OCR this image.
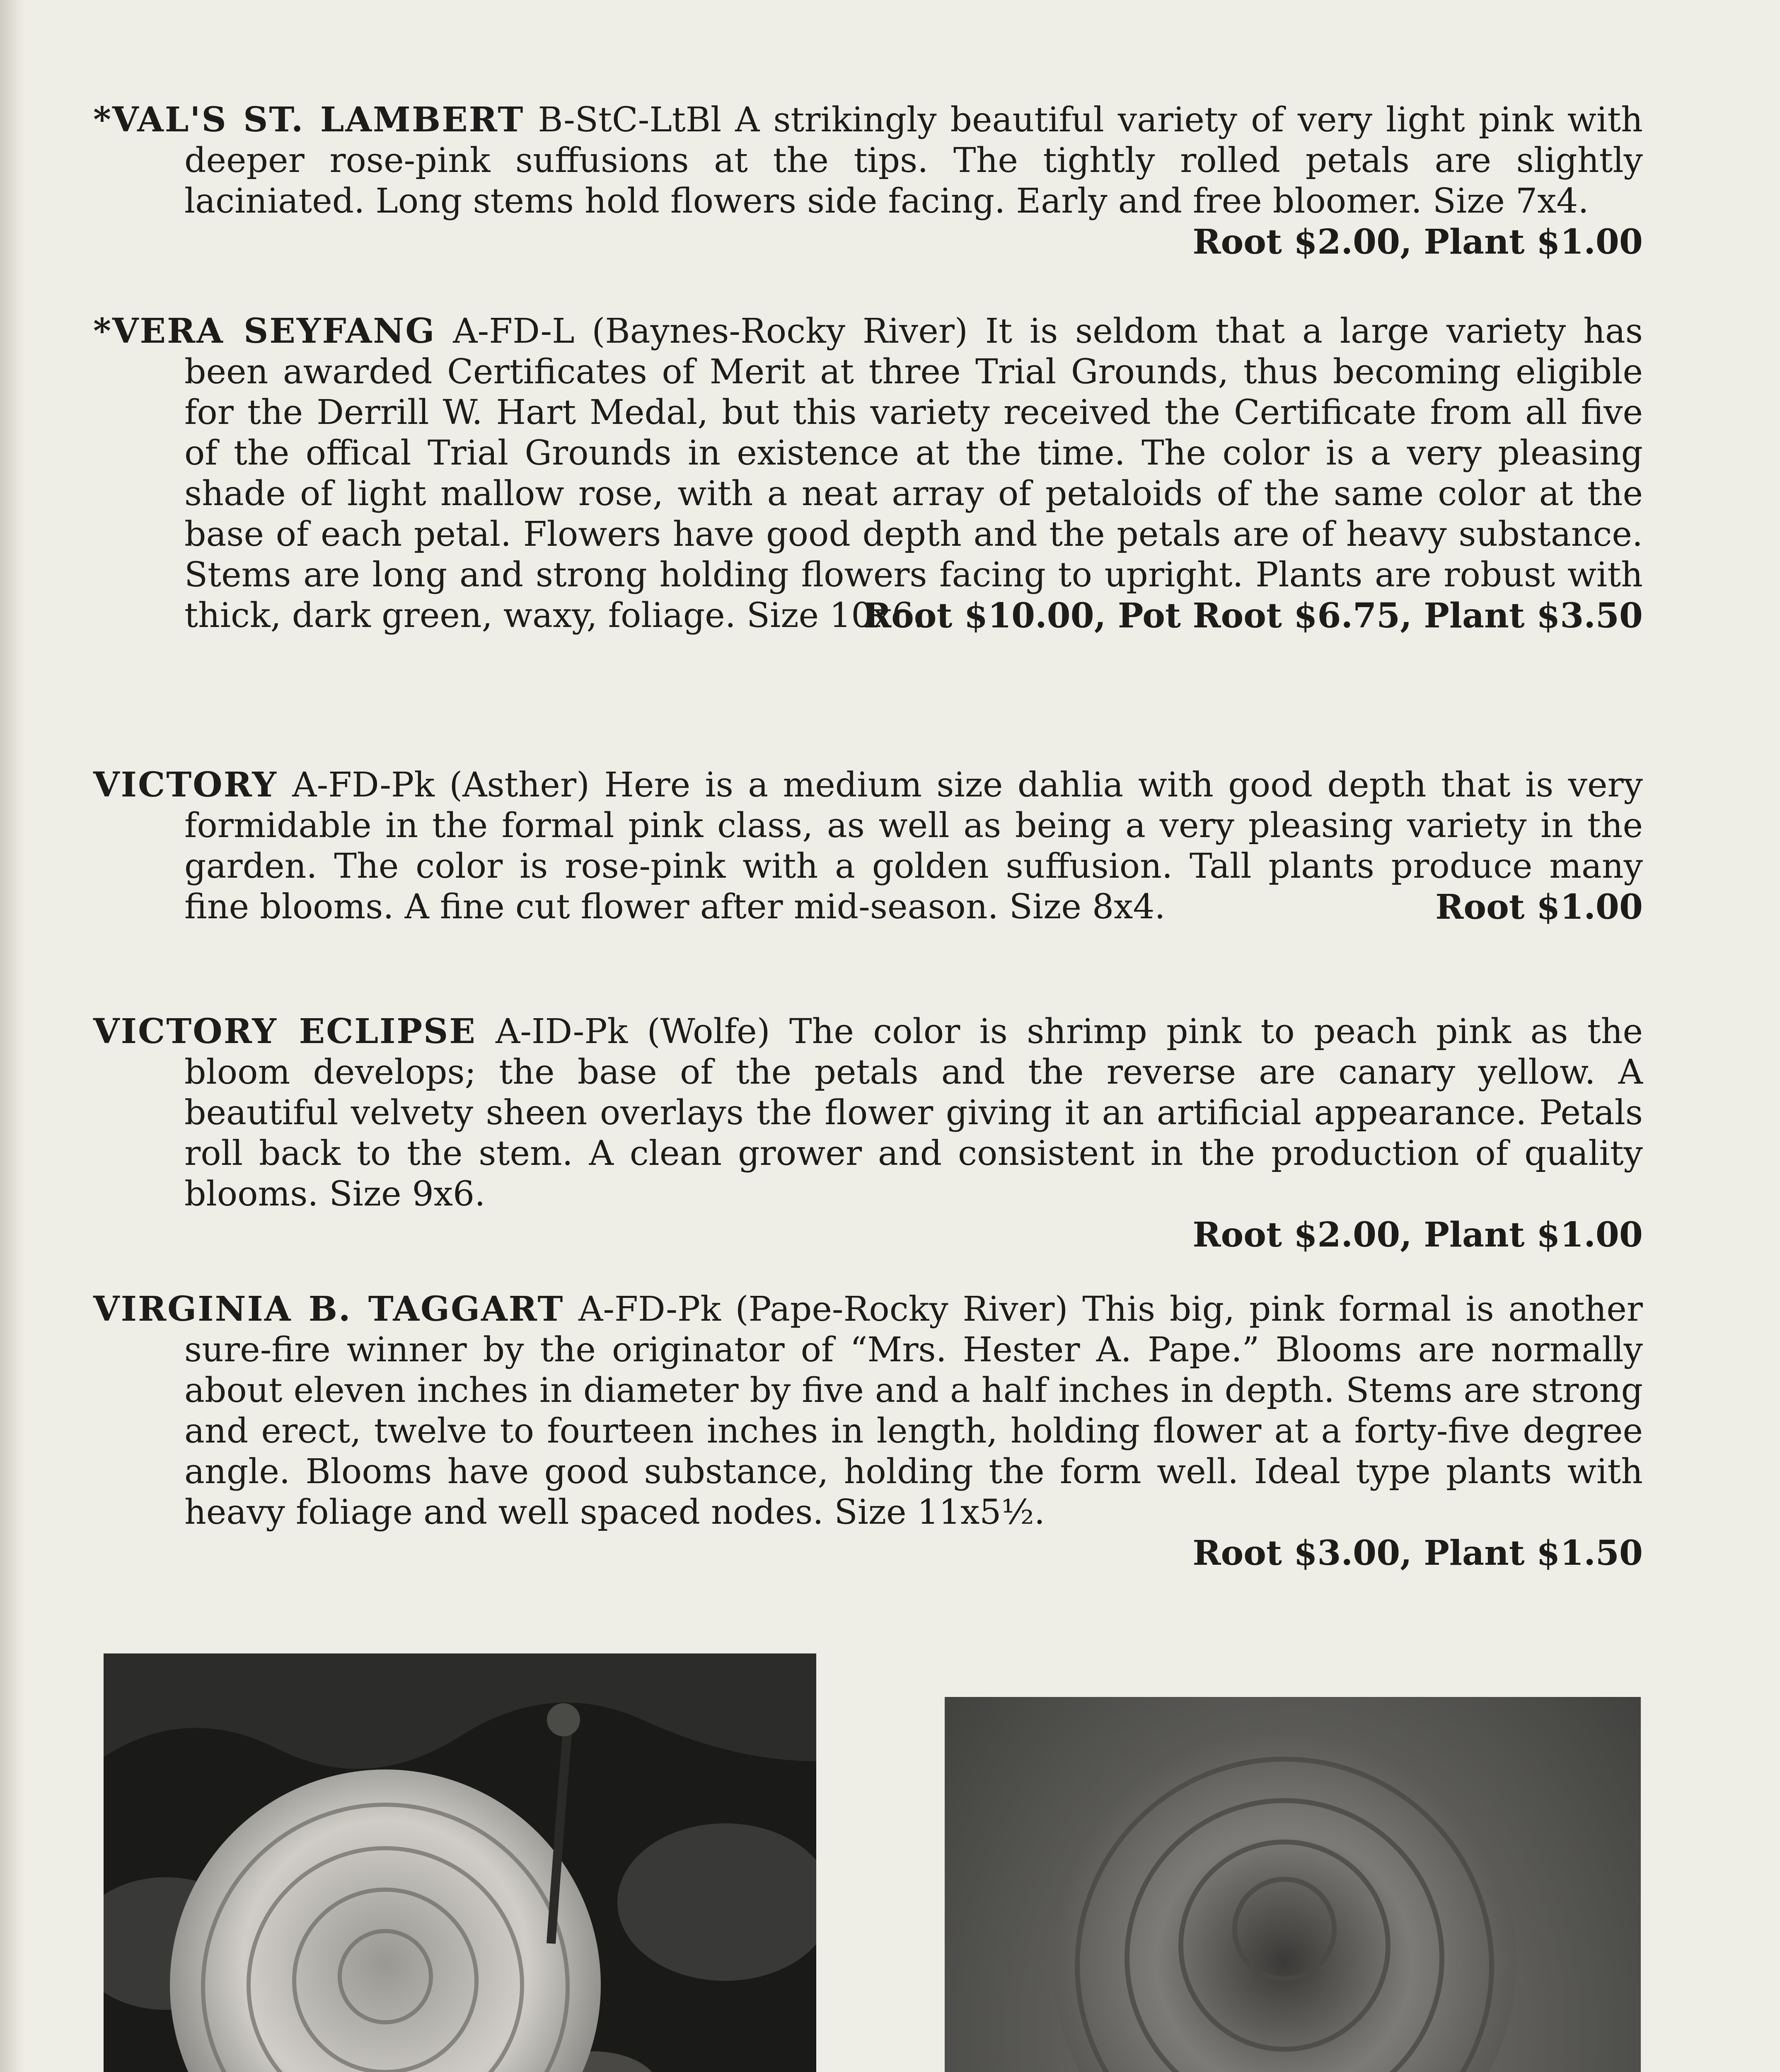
*VAL'S ST. LAMBERT B-StC-LtBl A strikingly beautiful variety of very light pink with deeper rose-pink suffusions at the tips. The tightly rolled petals are slightly laciniated. Long stems hold flowers side facing. Early and free bloomer. Size 7x4.
Root $2.00, Plant $1.00

*VERA SEYFANG A-FD-L (Baynes-Rocky River) It is seldom that a large variety has been awarded Certificates of Merit at three Trial Grounds, thus becoming eligible for the Derrill W. Hart Medal, but this variety received the Certificate from all five of the offical Trial Grounds in existence at the time. The color is a very pleasing shade of light mallow rose, with a neat array of petaloids of the same color at the base of each petal. Flowers have good depth and the petals are of heavy substance. Stems are long and strong holding flowers facing to upright. Plants are robust with thick, dark green, waxy, foliage. Size 10x6.
Root $10.00, Pot Root $6.75, Plant $3.50

VICTORY A-FD-Pk (Asther) Here is a medium size dahlia with good depth that is very formidable in the formal pink class, as well as being a very pleasing variety in the garden. The color is rose-pink with a golden suffusion. Tall plants produce many fine blooms. A fine cut flower after mid-season. Size 8x4.	Root $1.00

VICTORY ECLIPSE A-ID-Pk (Wolfe) The color is shrimp pink to peach pink as the bloom develops; the base of the petals and the reverse are canary yellow. A beautiful velvety sheen overlays the flower giving it an artificial appearance. Petals roll back to the stem. A clean grower and consistent in the production of quality blooms. Size 9x6.

Root $2.00, Plant $1.00

VIRGINIA B. TAGGART A-FD-Pk (Pape-Rocky River) This big, pink formal is another sure-fire winner by the originator of “Mrs. Hester A. Pape.” Blooms are normally about eleven inches in diameter by five and a half inches in depth. Stems are strong and erect, twelve to fourteen inches in length, holding flower at a forty-five degree angle. Blooms have good substance, holding the form well. Ideal type plants with heavy foliage and well spaced nodes. Size 11x5½.

Root $3.00, Plant $1.50
